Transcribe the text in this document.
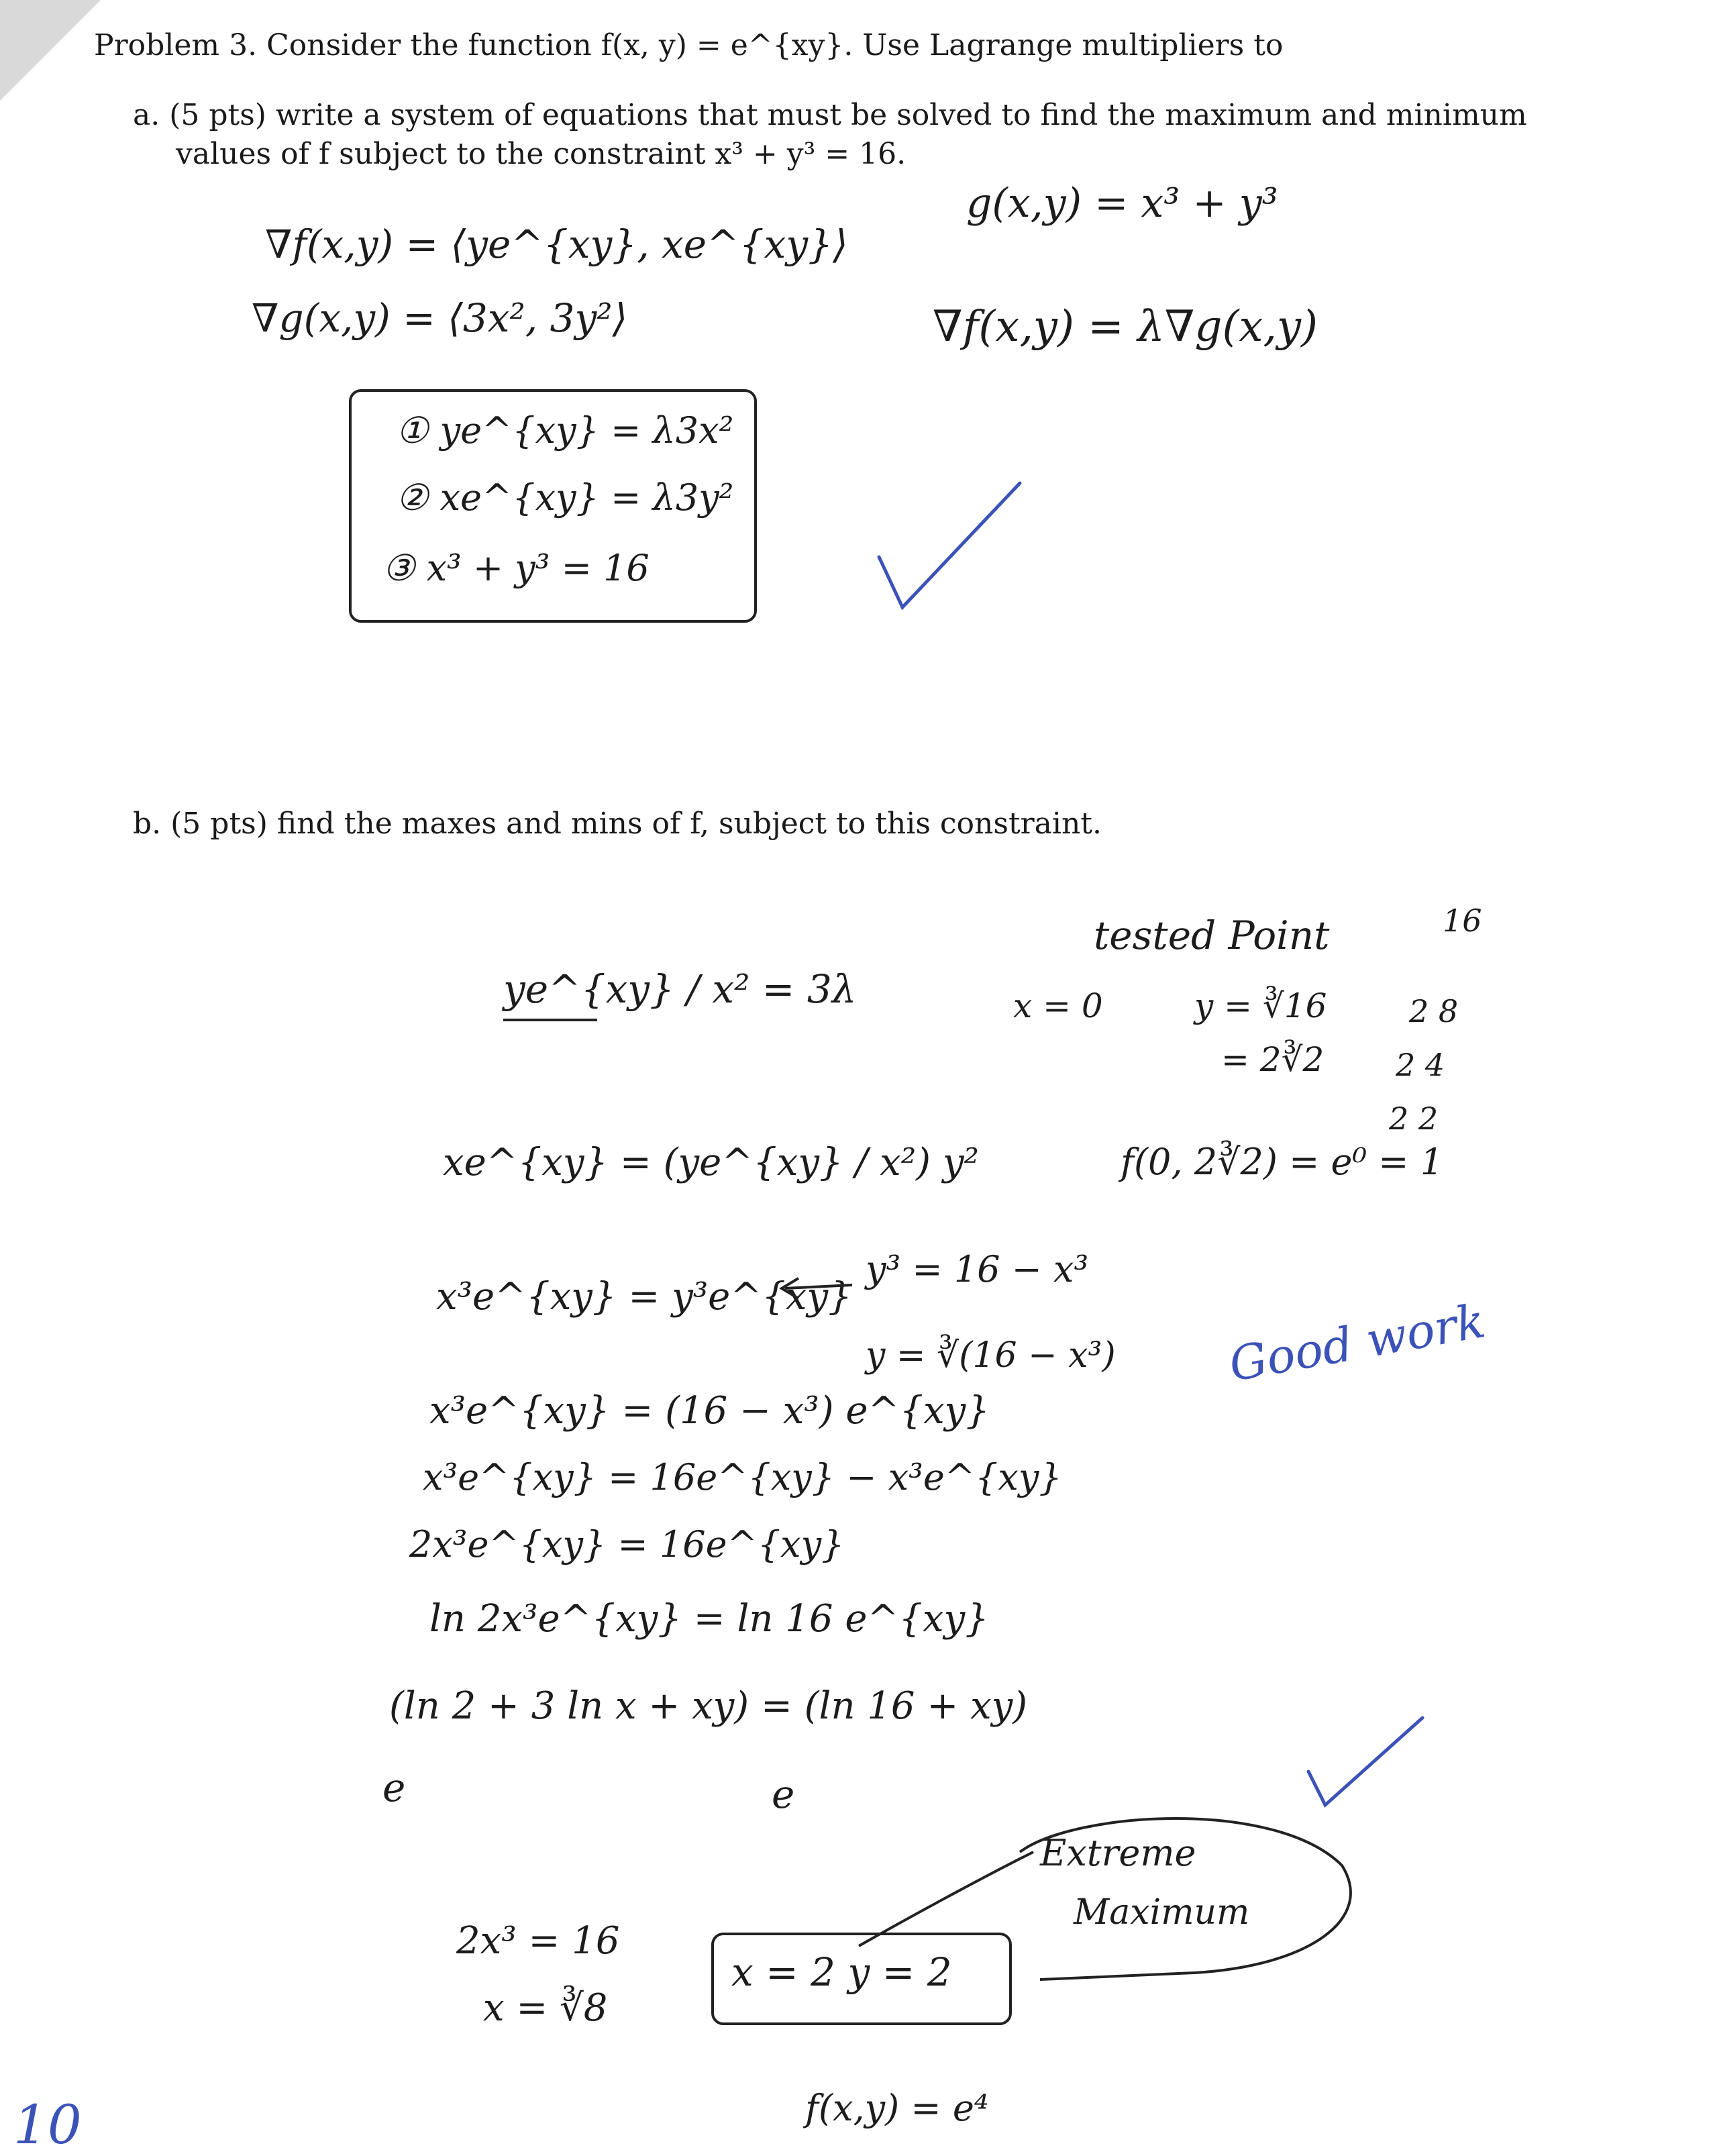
Problem 3. Consider the function f(x, y) = e^{xy}. Use Lagrange multipliers to
a. (5 pts) write a system of equations that must be solved to find the maximum and minimum
values of f subject to the constraint x³ + y³ = 16.
b. (5 pts) find the maxes and mins of f, subject to this constraint.
∇f(x,y) = ⟨ye^{xy}, xe^{xy}⟩
∇g(x,y) = ⟨3x², 3y²⟩
g(x,y) = x³ + y³
∇f(x,y) = λ∇g(x,y)
① ye^{xy} = λ3x²
② xe^{xy} = λ3y²
③ x³ + y³ = 16
ye^{xy} / x² = 3λ
xe^{xy} = (ye^{xy} / x²) y²
x³e^{xy} = y³e^{xy}
x³e^{xy} = (16 − x³) e^{xy}
x³e^{xy} = 16e^{xy} − x³e^{xy}
2x³e^{xy} = 16e^{xy}
ln 2x³e^{xy} = ln 16 e^{xy}
(ln 2 + 3 ln x + xy) = (ln 16 + xy)
e	e
2x³ = 16
x = ∛8
x = 2 y = 2
f(x,y) = e⁴
y³ = 16 − x³
y = ∛(16 − x³)
tested Point
x = 0	y = ∛16
= 2∛2
f(0, 2∛2) = e⁰ = 1
16
2 8
2 4
2 2
Extreme
Maximum
Good work
10
